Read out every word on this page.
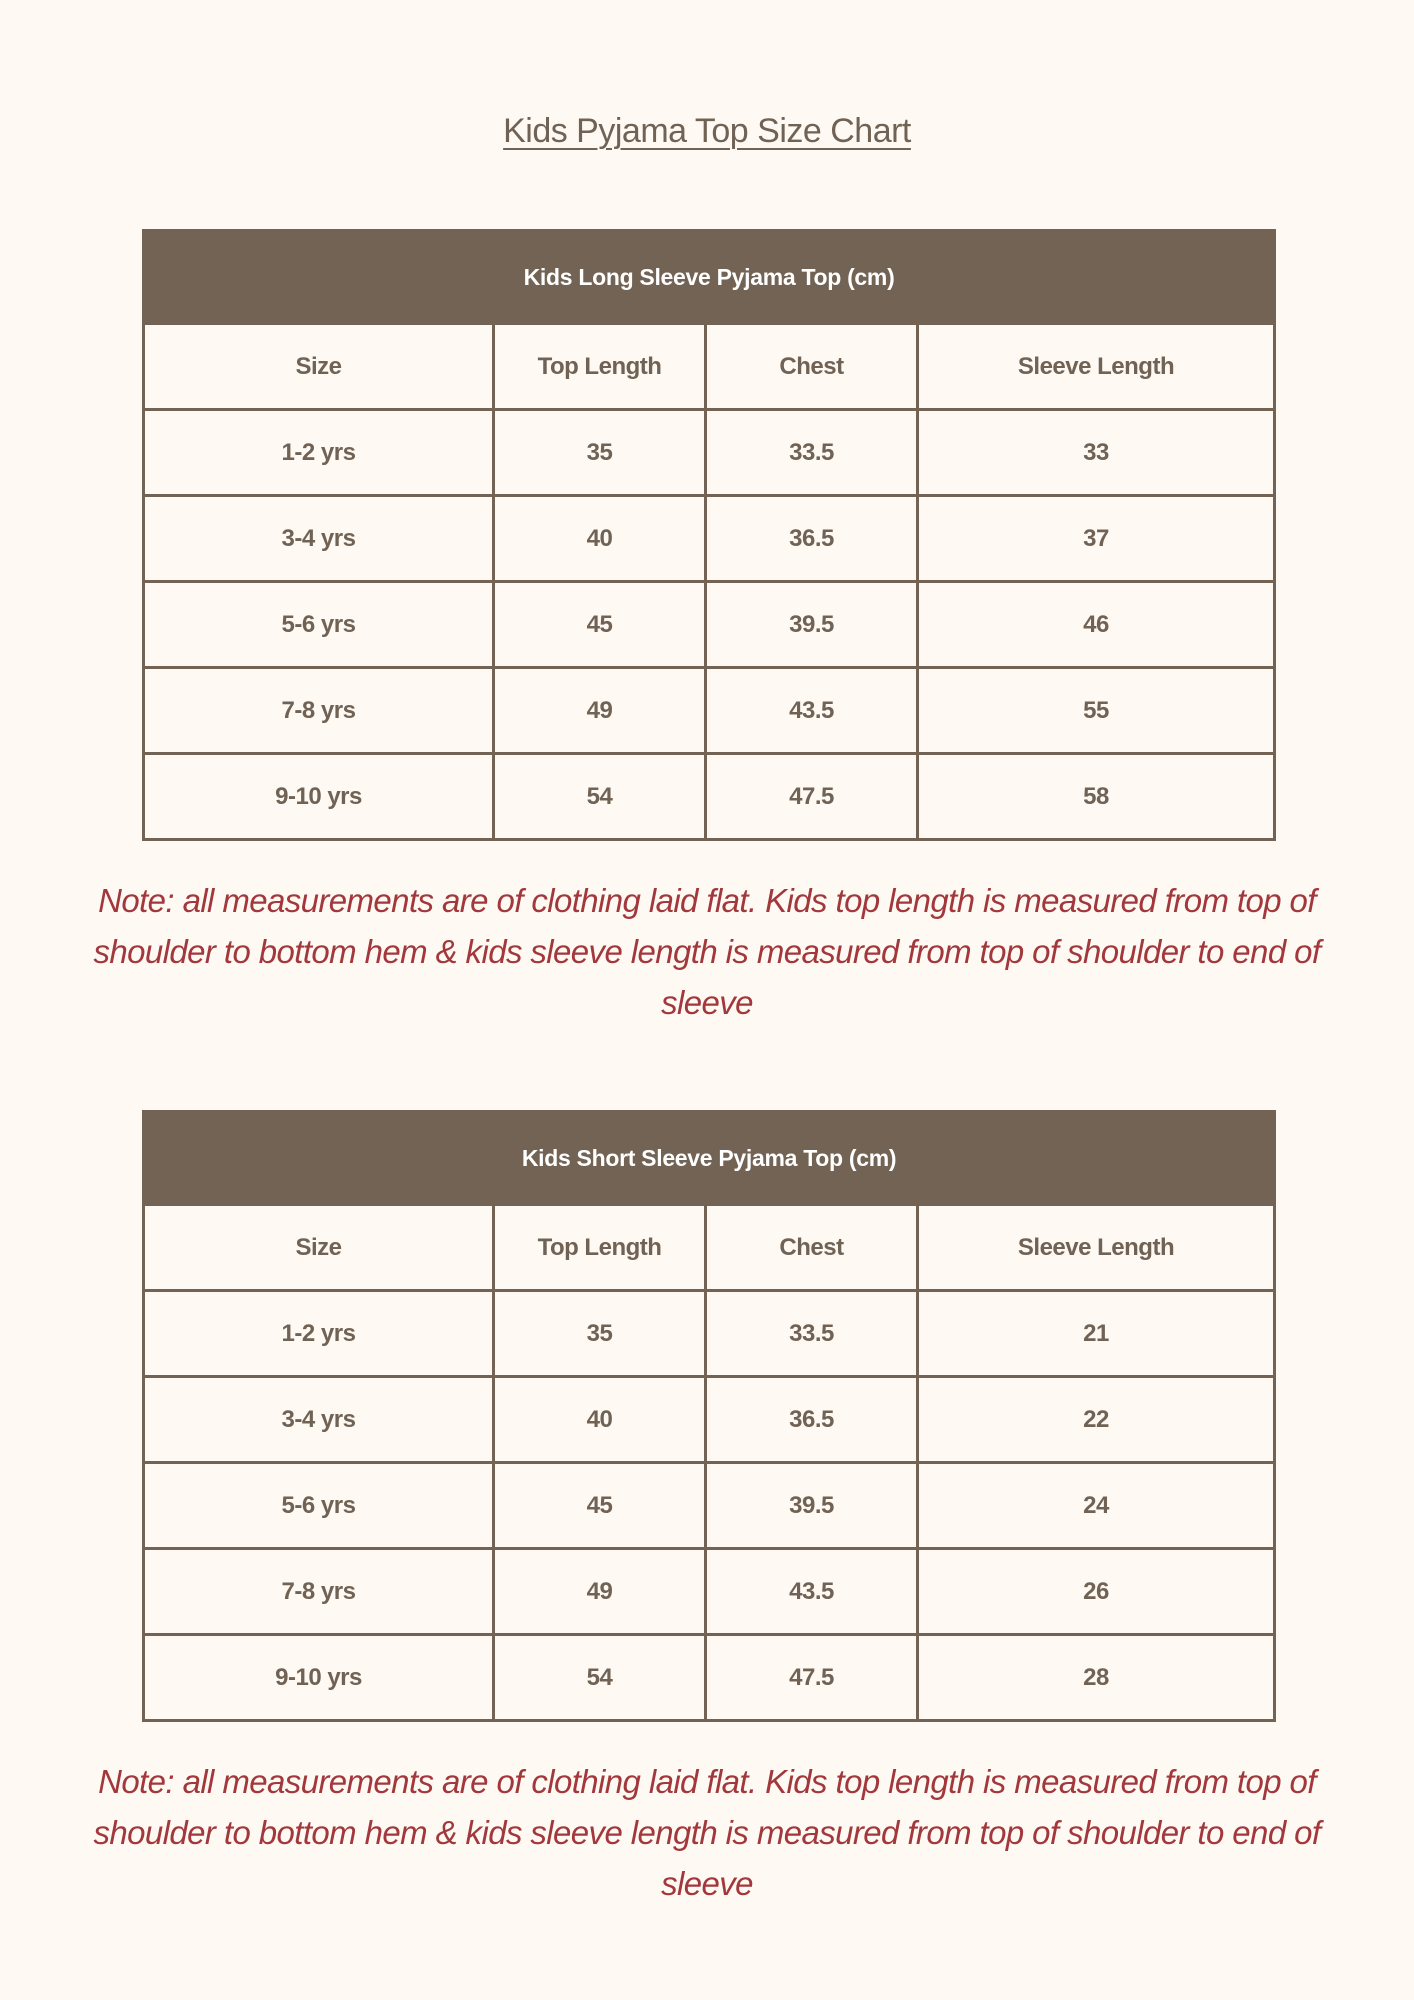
Kids Pyjama Top Size Chart
Kids Long Sleeve Pyjama Top (cm)			
Size	Top Length	Chest	Sleeve Length
1-2 yrs	35	33.5	33
3-4 yrs	40	36.5	37
5-6 yrs	45	39.5	46
7-8 yrs	49	43.5	55
9-10 yrs	54	47.5	58
Note: all measurements are of clothing laid flat. Kids top length is measured from top of shoulder to bottom hem & kids sleeve length is measured from top of shoulder to end of sleeve
Kids Short Sleeve Pyjama Top (cm)			
Size	Top Length	Chest	Sleeve Length
1-2 yrs	35	33.5	21
3-4 yrs	40	36.5	22
5-6 yrs	45	39.5	24
7-8 yrs	49	43.5	26
9-10 yrs	54	47.5	28
Note: all measurements are of clothing laid flat. Kids top length is measured from top of shoulder to bottom hem & kids sleeve length is measured from top of shoulder to end of sleeve
